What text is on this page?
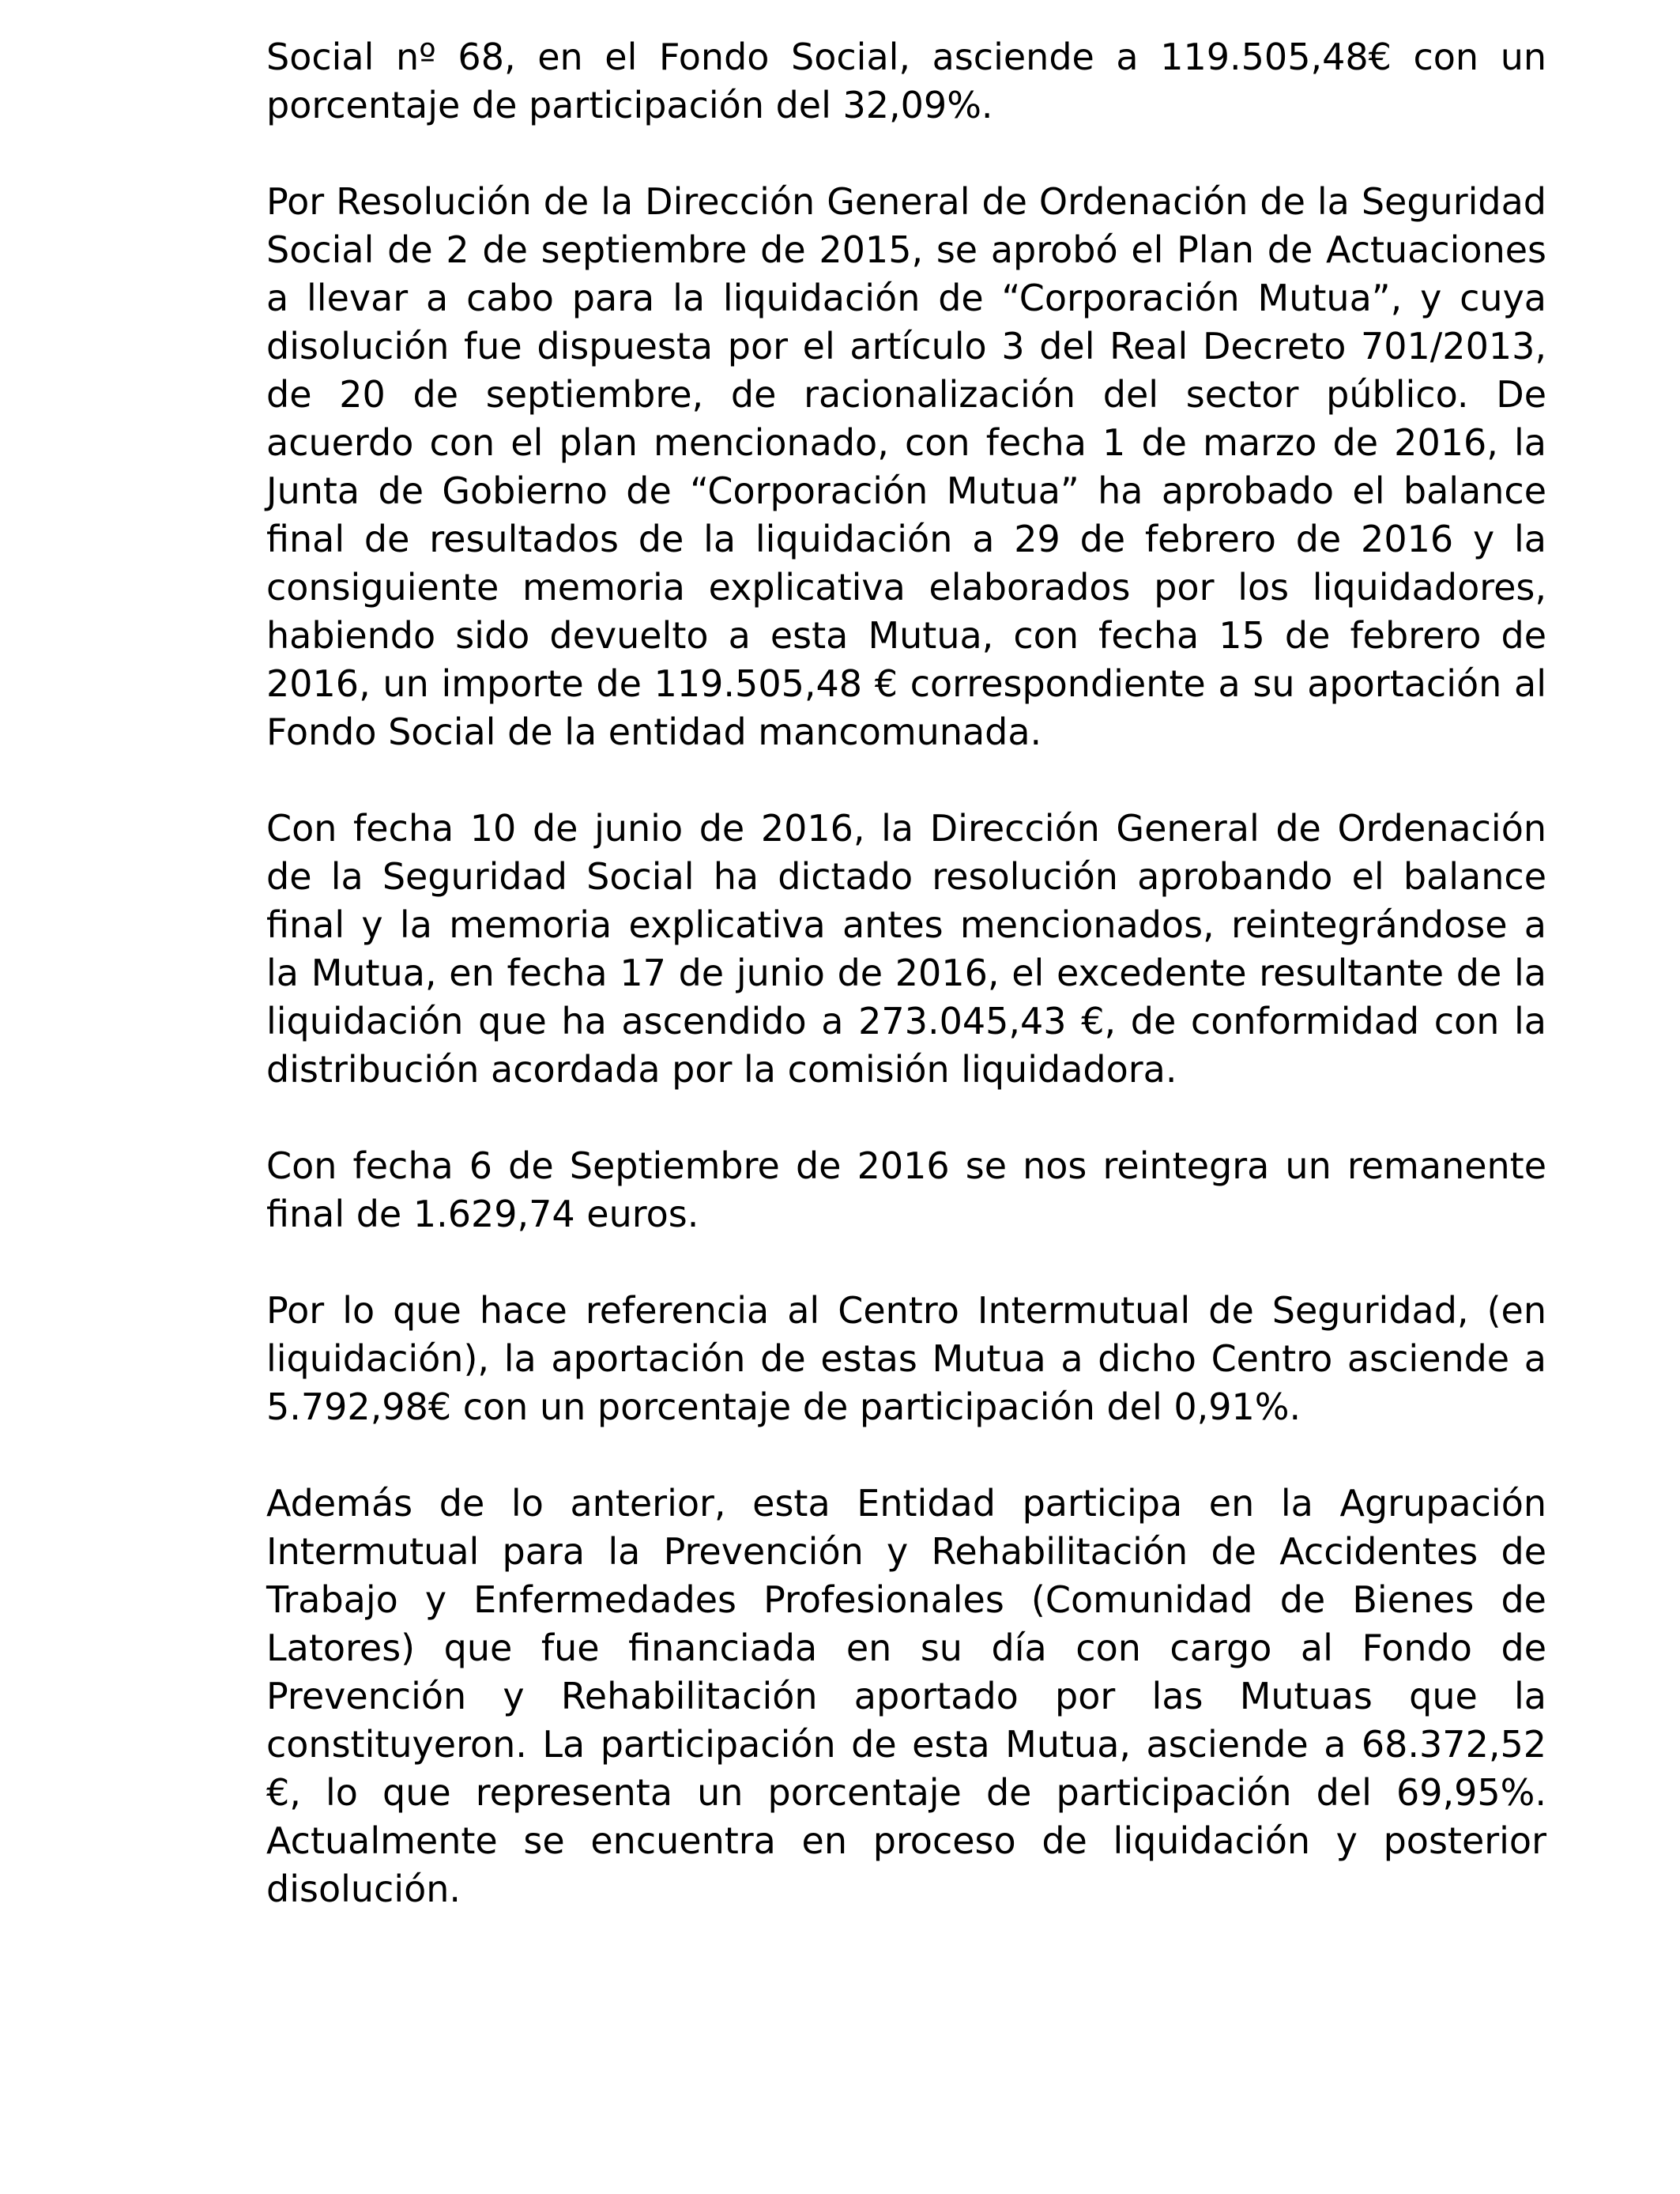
Social nº 68, en el Fondo Social, asciende a 119.505,48€ con un porcentaje de participación del 32,09%.

Por Resolución de la Dirección General de Ordenación de la Seguridad Social de 2 de septiembre de 2015, se aprobó el Plan de Actuaciones a llevar a cabo para la liquidación de “Corporación Mutua”, y cuya disolución fue dispuesta por el artículo 3 del Real Decreto 701/2013, de 20 de septiembre, de racionalización del sector público. De acuerdo con el plan mencionado, con fecha 1 de marzo de 2016, la Junta de Gobierno de “Corporación Mutua” ha aprobado el balance final de resultados de la liquidación a 29 de febrero de 2016 y la consiguiente memoria explicativa elaborados por los liquidadores, habiendo sido devuelto a esta Mutua, con fecha 15 de febrero de 2016, un importe de 119.505,48 € correspondiente a su aportación al Fondo Social de la entidad mancomunada.

Con fecha 10 de junio de 2016, la Dirección General de Ordenación de la Seguridad Social ha dictado resolución aprobando el balance final y la memoria explicativa antes mencionados, reintegrándose a la Mutua, en fecha 17 de junio de 2016, el excedente resultante de la liquidación que ha ascendido a 273.045,43 €, de conformidad con la distribución acordada por la comisión liquidadora.

Con fecha 6 de Septiembre de 2016 se nos reintegra un remanente final de 1.629,74 euros.

Por lo que hace referencia al Centro Intermutual de Seguridad, (en liquidación), la aportación de estas Mutua a dicho Centro asciende a 5.792,98€ con un porcentaje de participación del 0,91%.

Además de lo anterior, esta Entidad participa en la Agrupación Intermutual para la Prevención y Rehabilitación de Accidentes de Trabajo y Enfermedades Profesionales (Comunidad de Bienes de Latores) que fue financiada en su día con cargo al Fondo de Prevención y Rehabilitación aportado por las Mutuas que la constituyeron. La participación de esta Mutua, asciende a 68.372,52 €, lo que representa un porcentaje de participación del 69,95%. Actualmente se encuentra en proceso de liquidación y posterior disolución.
